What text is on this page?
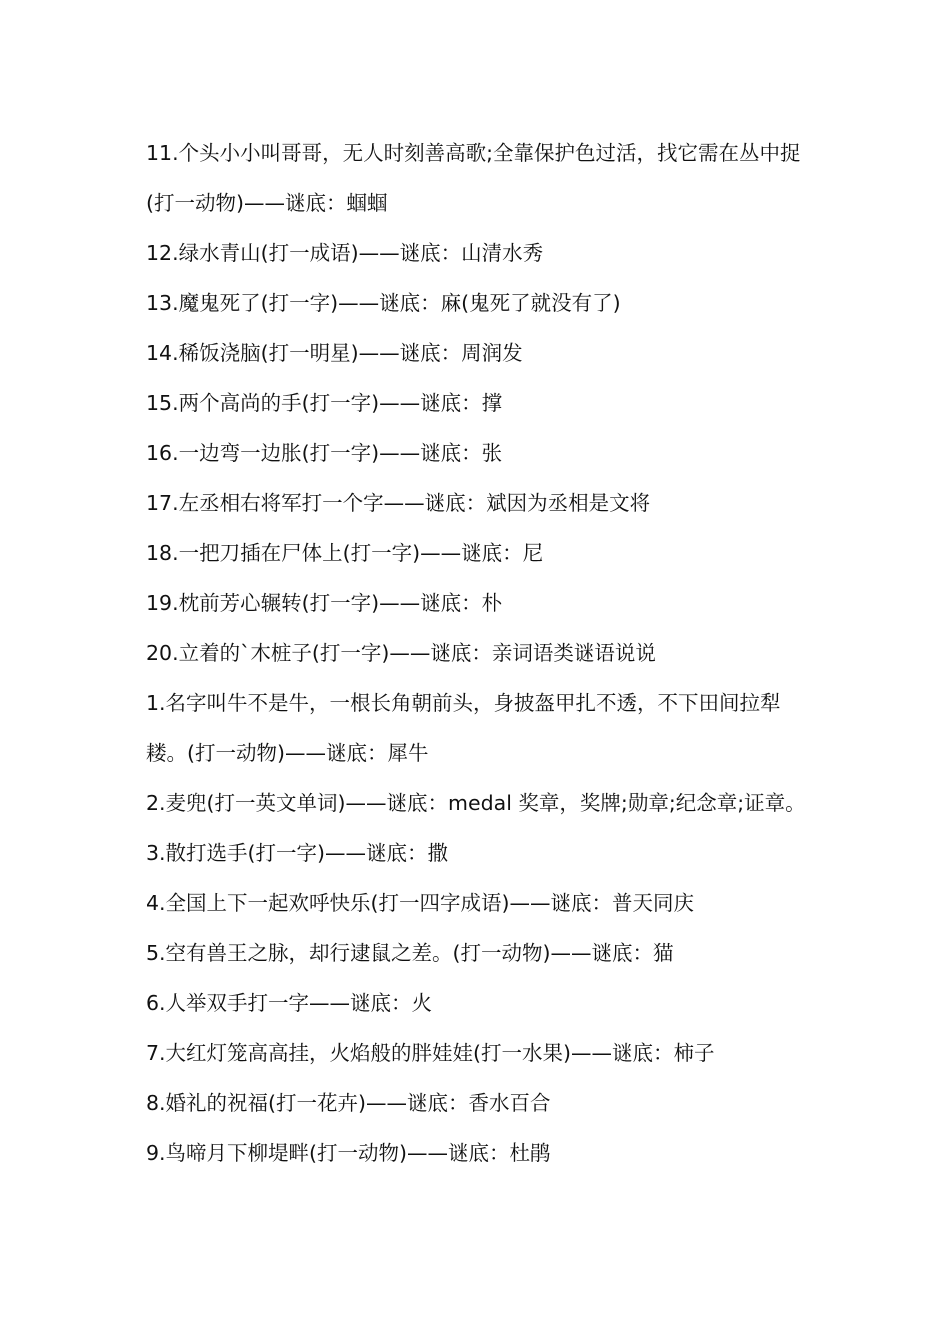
11.个头小小叫哥哥，无人时刻善高歌;全靠保护色过活，找它需在丛中捉(打一动物)——谜底：蝈蝈

12.绿水青山(打一成语)——谜底：山清水秀

13.魔鬼死了(打一字)——谜底：麻(鬼死了就没有了)

14.稀饭浇脑(打一明星)——谜底：周润发

15.两个高尚的手(打一字)——谜底：撑

16.一边弯一边胀(打一字)——谜底：张

17.左丞相右将军打一个字——谜底：斌因为丞相是文将

18.一把刀插在尸体上(打一字)——谜底：尼

19.枕前芳心辗转(打一字)——谜底：朴

20.立着的`木桩子(打一字)——谜底：亲词语类谜语说说

1.名字叫牛不是牛，一根长角朝前头，身披盔甲扎不透，不下田间拉犁耧。(打一动物)——谜底：犀牛

2.麦兜(打一英文单词)——谜底：medal 奖章，奖牌;勋章;纪念章;证章。

3.散打选手(打一字)——谜底：撒

4.全国上下一起欢呼快乐(打一四字成语)——谜底：普天同庆

5.空有兽王之脉，却行逮鼠之差。(打一动物)——谜底：猫

6.人举双手打一字——谜底：火

7.大红灯笼高高挂，火焰般的胖娃娃(打一水果)——谜底：柿子

8.婚礼的祝福(打一花卉)——谜底：香水百合

9.鸟啼月下柳堤畔(打一动物)——谜底：杜鹃
